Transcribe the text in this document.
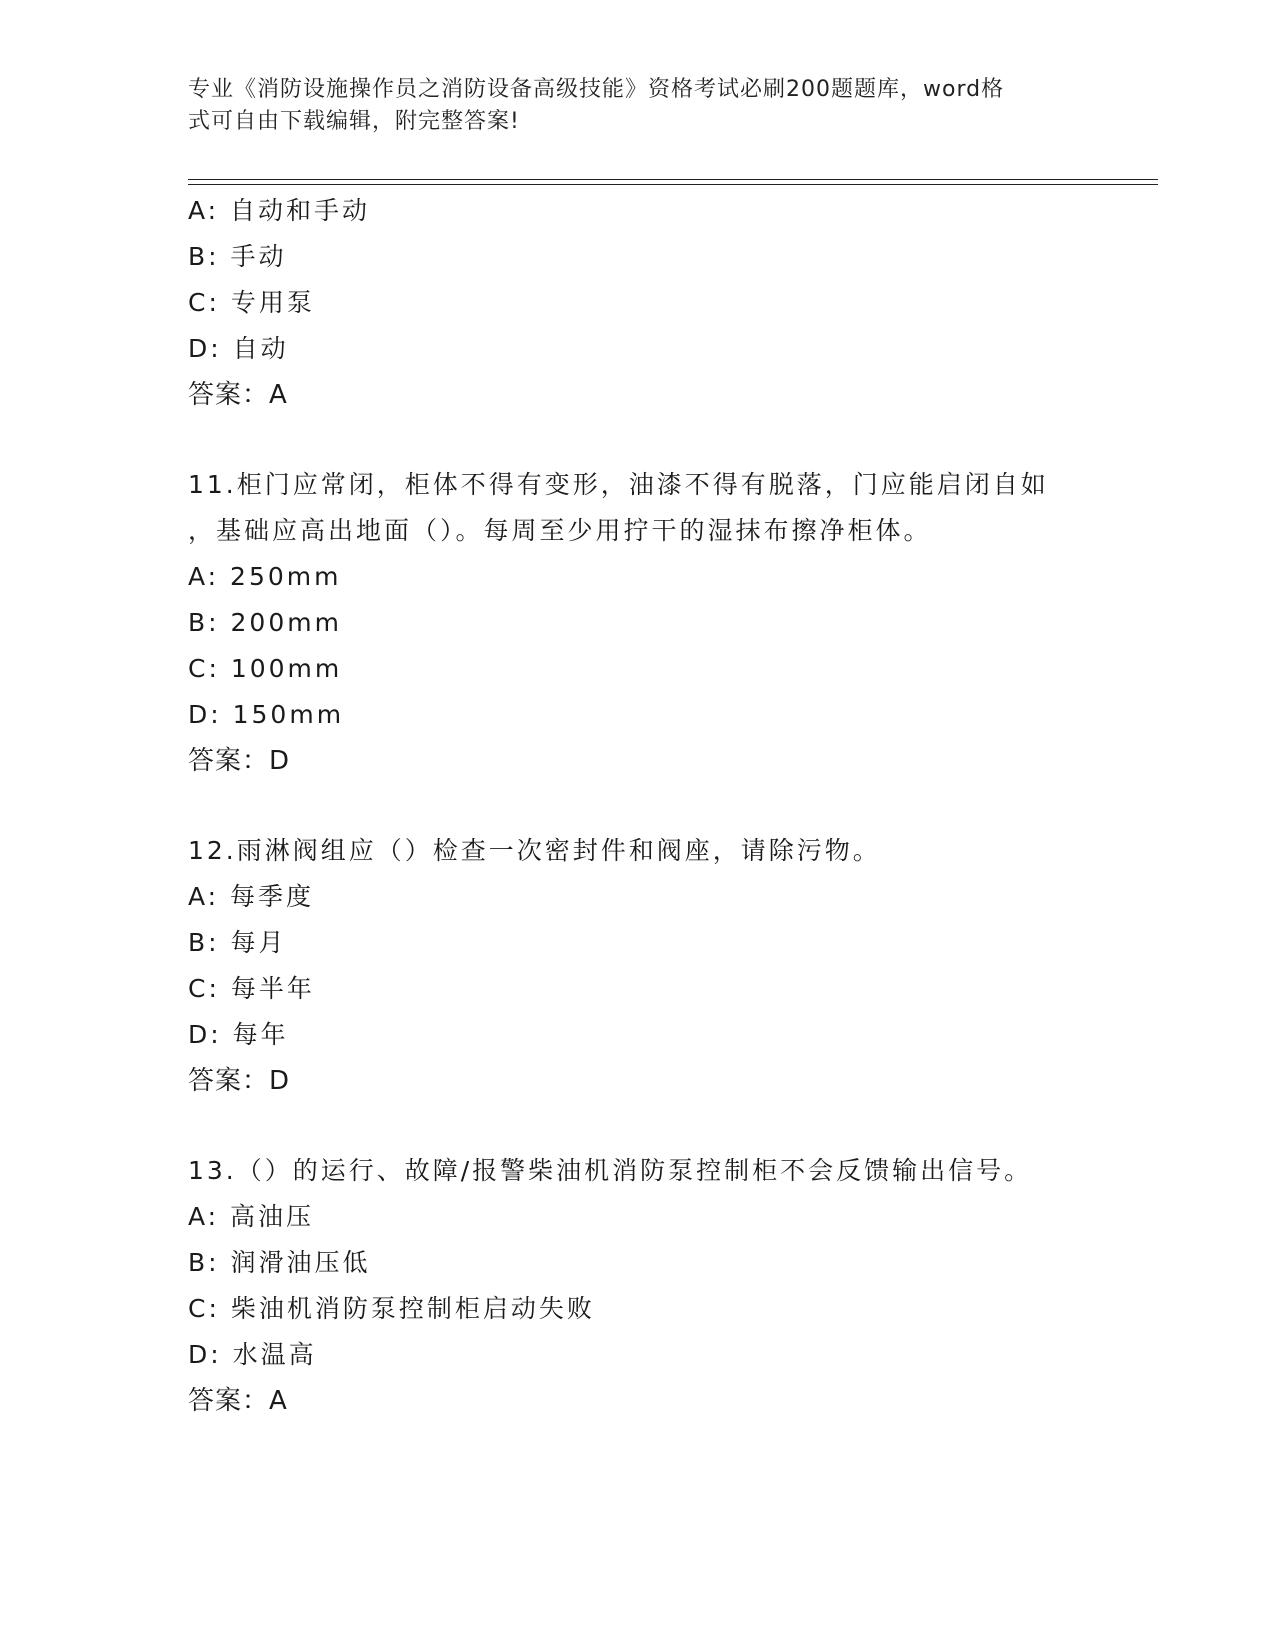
专业《消防设施操作员之消防设备高级技能》资格考试必刷200题题库，word格
式可自由下载编辑，附完整答案!
A: 自动和手动
B: 手动
C: 专用泵
D: 自动
答案：A
11.柜门应常闭，柜体不得有变形，油漆不得有脱落，门应能启闭自如
，基础应高出地面（）。每周至少用拧干的湿抹布擦净柜体。
A: 250mm
B: 200mm
C: 100mm
D: 150mm
答案：D
12.雨淋阀组应（）检查一次密封件和阀座，请除污物。
A: 每季度
B: 每月
C: 每半年
D: 每年
答案：D
13.（）的运行、故障/报警柴油机消防泵控制柜不会反馈输出信号。
A: 高油压
B: 润滑油压低
C: 柴油机消防泵控制柜启动失败
D: 水温高
答案：A
